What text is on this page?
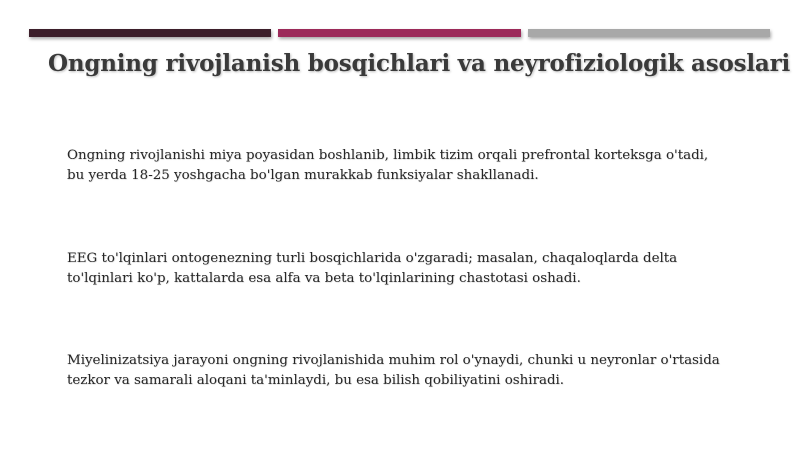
Ongning rivojlanish bosqichlari va neyrofiziologik asoslari
Ongning rivojlanishi miya poyasidan boshlanib, limbik tizim orqali prefrontal korteksga o'tadi,
bu yerda 18-25 yoshgacha bo'lgan murakkab funksiyalar shakllanadi.
EEG to'lqinlari ontogenezning turli bosqichlarida o'zgaradi; masalan, chaqaloqlarda delta
to'lqinlari ko'p, kattalarda esa alfa va beta to'lqinlarining chastotasi oshadi.
Miyelinizatsiya jarayoni ongning rivojlanishida muhim rol o'ynaydi, chunki u neyronlar o'rtasida
tezkor va samarali aloqani ta'minlaydi, bu esa bilish qobiliyatini oshiradi.
